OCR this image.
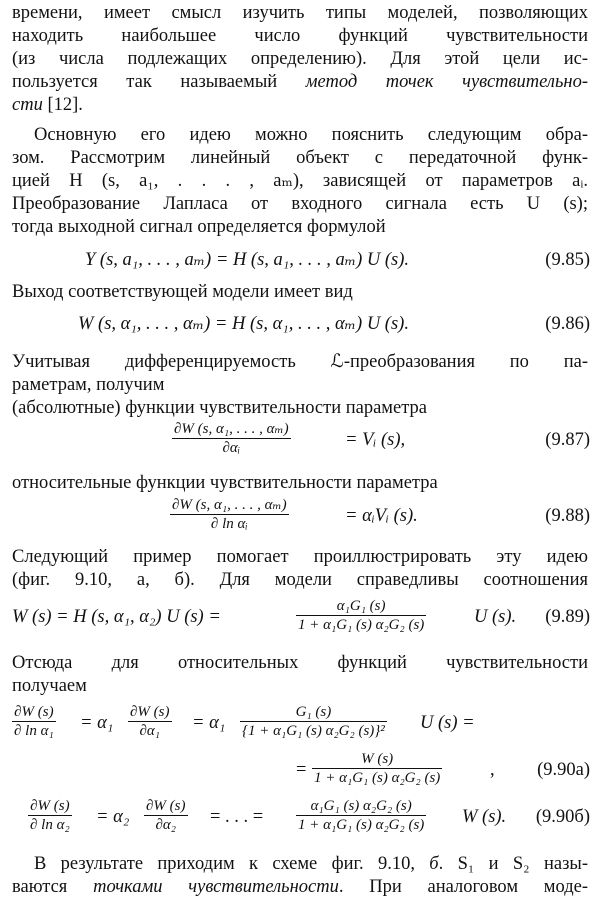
времени, имеет смысл изучить типы моделей, позволяющих
находить наибольшее число функций чувствительности
(из числа подлежащих определению). Для этой цели ис-
пользуется так называемый метод точек чувствительно-
сти [12].
Основную его идею можно пояснить следующим обра-
зом. Рассмотрим линейный объект с передаточной функ-
цией H (s, a₁, . . . , aₘ), зависящей от параметров aᵢ.
Преобразование Лапласа от входного сигнала есть U (s);
тогда выходной сигнал определяется формулой
Y (s, a₁, . . . , aₘ) = H (s, a₁, . . . , aₘ) U (s).	(9.85)
Выход соответствующей модели имеет вид
W (s, α₁, . . . , αₘ) = H (s, α₁, . . . , αₘ) U (s).	(9.86)
Учитывая дифференцируемость ℒ-преобразования по па-
раметрам, получим
(абсолютные) функции чувствительности параметра
$\frac{\text{∂W (s, α₁, . . . , αₘ)}}{\text{∂αᵢ}}$	= Vᵢ (s),	(9.87)
относительные функции чувствительности параметра
$\frac{\text{∂W (s, α₁, . . . , αₘ)}}{\text{∂ ln αᵢ}}$	= αᵢVᵢ (s).	(9.88)
Следующий пример помогает проиллюстрировать эту идею
(фиг. 9.10, а, б). Для модели справедливы соотношения
W (s) = H (s, α₁, α₂) U (s) =	$\frac{\text{α₁G₁ (s)}}{\text{1 + α₁G₁ (s) α₂G₂ (s)}}$	U (s). (9.89)
Отсюда для относительных функций чувствительности
получаем
$\frac{\partial W (s)}{\text{∂ ln α₁}} = \alpha_1 \frac{\partial W (s)}{\text{∂α₁}} = \alpha_1 \frac{\text{G₁ (s)}}{\text{\{1 + α₁G₁ (s) α₂G₂ (s)\}²}}$ U (s) =
= $\frac{W (s)}{\text{1 + α₁G₁ (s) α₂G₂ (s)}}$	, (9.90a)
$\frac{\partial W (s)}{\text{∂ ln α₂}} = \alpha_2 \frac{\partial W (s)}{\text{∂α₂}}$ = . . . = $\frac{\text{α₁G₁ (s) α₂G₂ (s)}}{\text{1 + α₁G₁ (s) α₂G₂ (s)}}$ W (s). (9.90б)
В результате приходим к схеме фиг. 9.10, б. S₁ и S₂ назы-
ваются точками чувствительности. При аналоговом моде-
